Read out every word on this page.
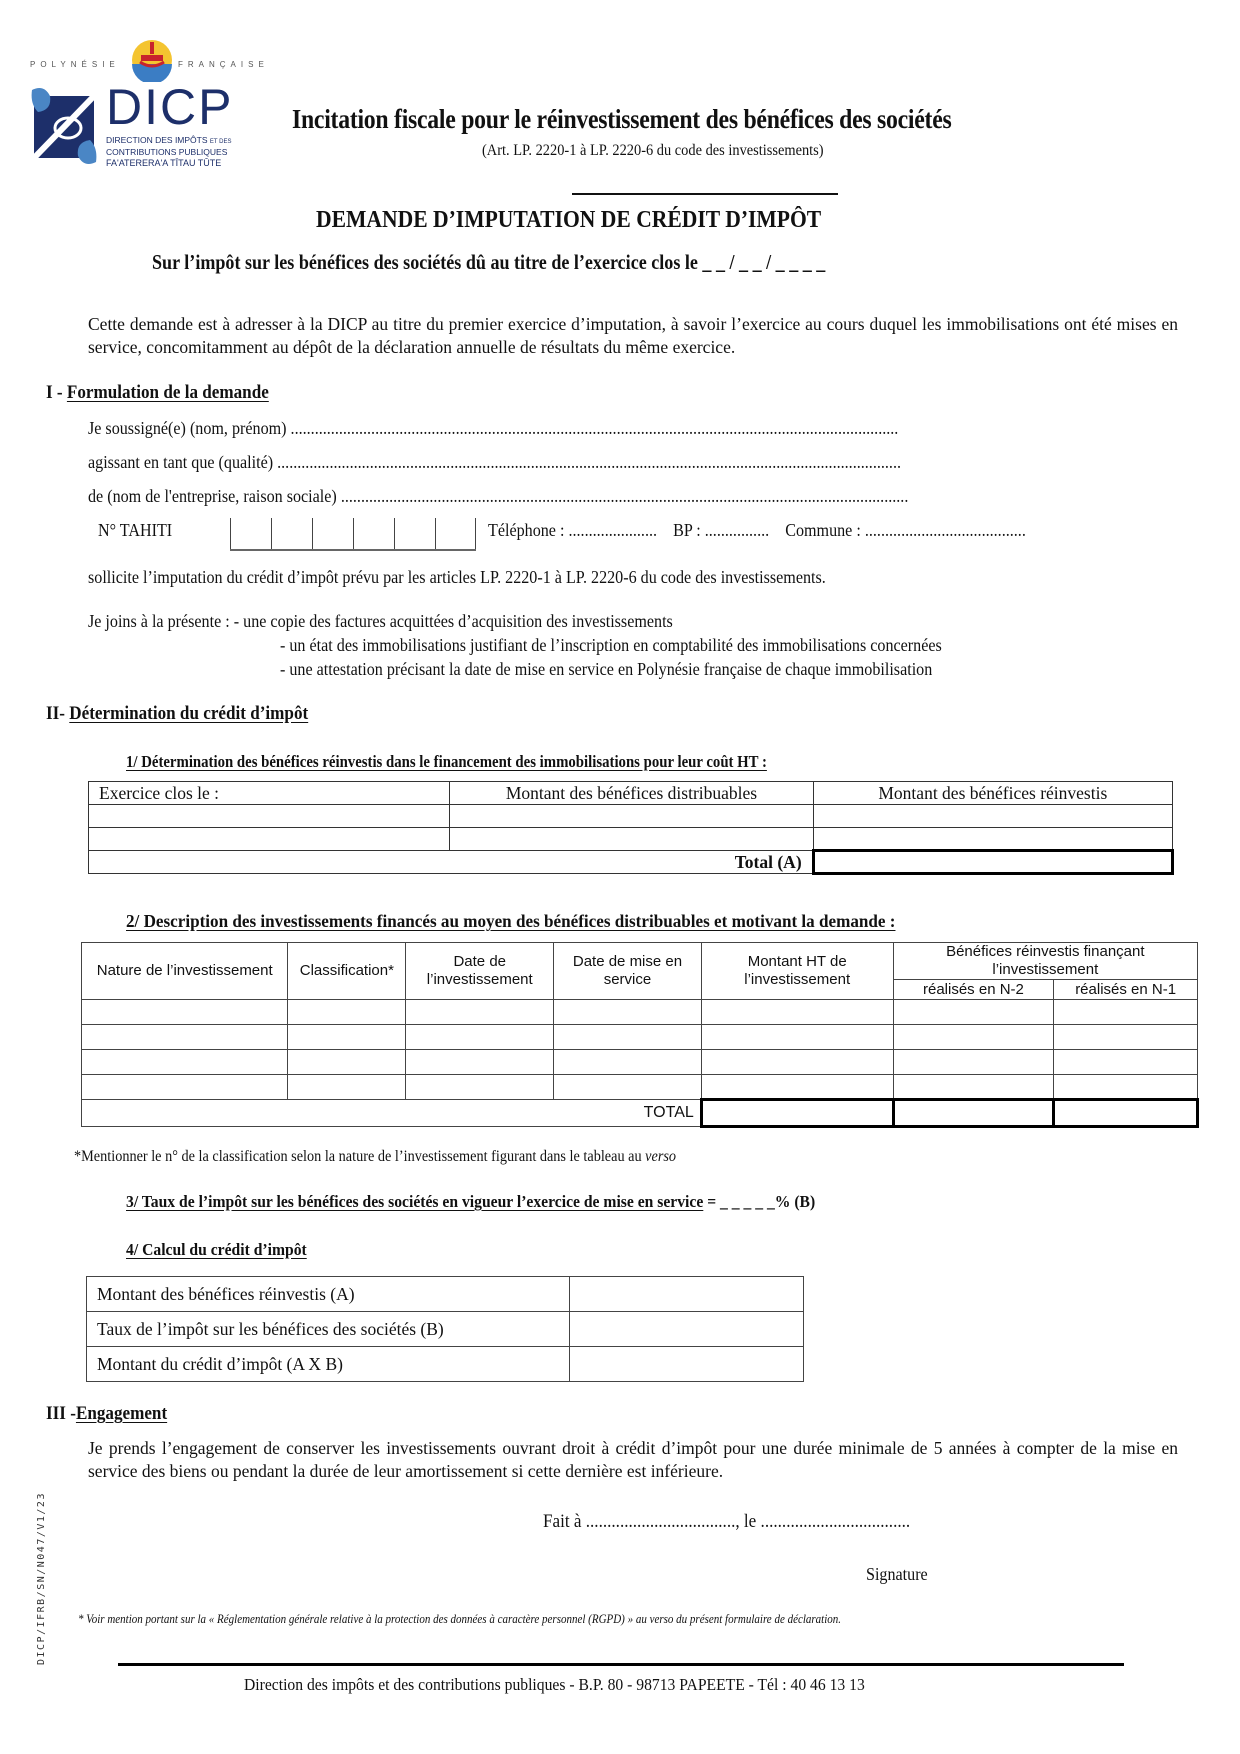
POLYNÉSIE	FRANÇAISE
DICP
DIRECTION DES IMPÔTS ET DES
CONTRIBUTIONS PUBLIQUES
FA'ATERERA'A TĪTAU TŪTE
Incitation fiscale pour le réinvestissement des bénéfices des sociétés
(Art. LP. 2220-1 à LP. 2220-6 du code des investissements)
DEMANDE D’IMPUTATION DE CRÉDIT D’IMPÔT
Sur l’impôt sur les bénéfices des sociétés dû au titre de l’exercice clos le _ _ / _ _ / _ _ _ _
Cette demande est à adresser à la DICP au titre du premier exercice d’imputation, à savoir l’exercice au cours duquel les immobilisations ont été mises en service, concomitamment au dépôt de la déclaration annuelle de résultats du même exercice.
I - Formulation de la demande
Je soussigné(e) (nom, prénom) .......................................................................................................................................................
agissant en tant que (qualité) ...........................................................................................................................................................
de (nom de l'entreprise, raison sociale) .............................................................................................................................................
N° TAHITI	Téléphone : ...................... BP : ................ Commune : ........................................
sollicite l’imputation du crédit d’impôt prévu par les articles LP. 2220-1 à LP. 2220-6 du code des investissements.
Je joins à la présente : - une copie des factures acquittées d’acquisition des investissements
- un état des immobilisations justifiant de l’inscription en comptabilité des immobilisations concernées
- une attestation précisant la date de mise en service en Polynésie française de chaque immobilisation
II- Détermination du crédit d’impôt
1/ Détermination des bénéfices réinvestis dans le financement des immobilisations pour leur coût HT :
Exercice clos le :	Montant des bénéfices distribuables	Montant des bénéfices réinvestis

Total (A)		
2/ Description des investissements financés au moyen des bénéfices distribuables et motivant la demande :
Nature de l’investissement	Classification*	Date de l’investissement	Date de mise en service	Montant HT de l’investissement	Bénéfices réinvestis finançant l’investissement	
					réalisés en N-2	réalisés en N-1

TOTAL						
*Mentionner le n° de la classification selon la nature de l’investissement figurant dans le tableau au verso
3/ Taux de l’impôt sur les bénéfices des sociétés en vigueur l’exercice de mise en service = _ _ _ _ _% (B)
4/ Calcul du crédit d’impôt
Montant des bénéfices réinvestis (A)	
Taux de l’impôt sur les bénéfices des sociétés (B)	
Montant du crédit d’impôt (A X B)	
III -Engagement
Je prends l’engagement de conserver les investissements ouvrant droit à crédit d’impôt pour une durée minimale de 5 années à compter de la mise en service des biens ou pendant la durée de leur amortissement si cette dernière est inférieure.
Fait à ..................................., le ...................................
Signature
* Voir mention portant sur la « Réglementation générale relative à la protection des données à caractère personnel (RGPD) » au verso du présent formulaire de déclaration.
Direction des impôts et des contributions publiques - B.P. 80 - 98713 PAPEETE - Tél : 40 46 13 13
DICP/IFRB/SN/N047/V1/23
